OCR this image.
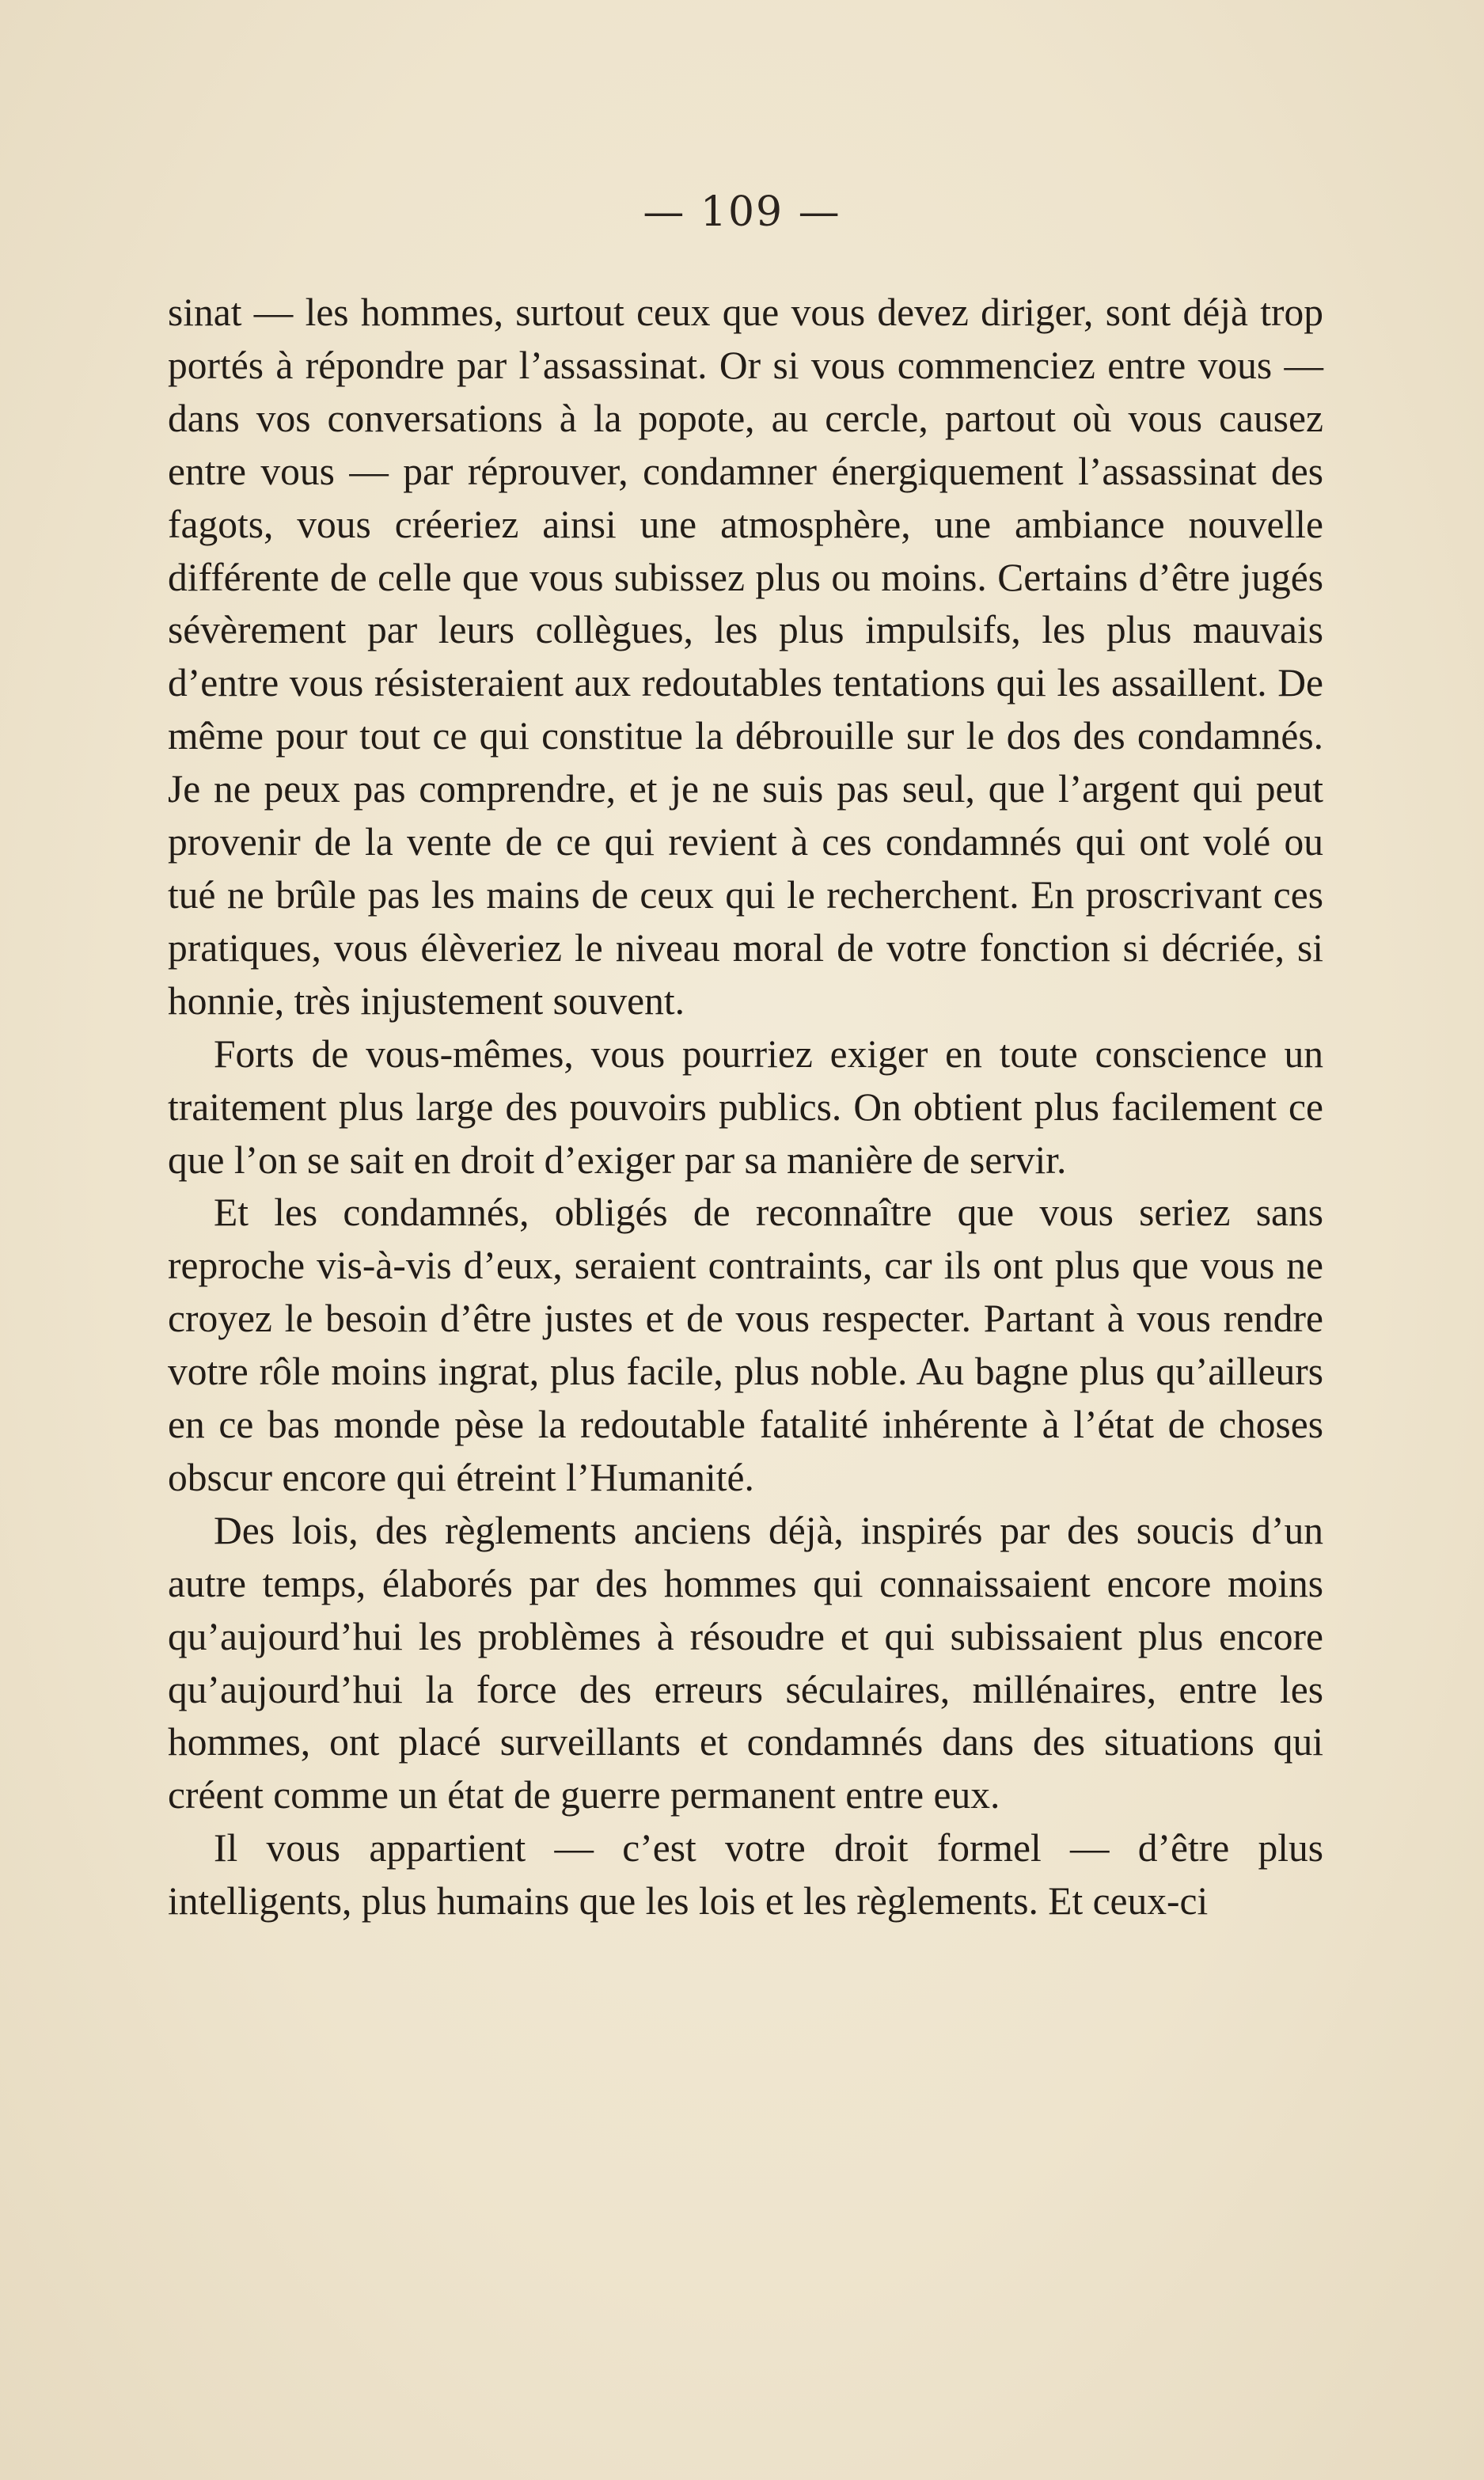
— 109 —

sinat — les hommes, surtout ceux que vous devez diriger, sont déjà trop portés à répondre par l’assassinat. Or si vous commenciez entre vous — dans vos conversations à la popote, au cercle, partout où vous causez entre vous — par réprouver, condamner énergiquement l’assassinat des fagots, vous créeriez ainsi une atmosphère, une ambiance nouvelle différente de celle que vous subissez plus ou moins. Certains d’être jugés sévèrement par leurs collègues, les plus impulsifs, les plus mauvais d’entre vous résisteraient aux redoutables tentations qui les assaillent. De même pour tout ce qui constitue la débrouille sur le dos des condamnés. Je ne peux pas comprendre, et je ne suis pas seul, que l’argent qui peut provenir de la vente de ce qui revient à ces condamnés qui ont volé ou tué ne brûle pas les mains de ceux qui le recherchent. En proscrivant ces pratiques, vous élèveriez le niveau moral de votre fonction si décriée, si honnie, très injustement souvent.

Forts de vous-mêmes, vous pourriez exiger en toute conscience un traitement plus large des pouvoirs publics. On obtient plus facilement ce que l’on se sait en droit d’exiger par sa manière de servir.

Et les condamnés, obligés de reconnaître que vous seriez sans reproche vis-à-vis d’eux, seraient contraints, car ils ont plus que vous ne croyez le besoin d’être justes et de vous respecter. Partant à vous rendre votre rôle moins ingrat, plus facile, plus noble. Au bagne plus qu’ailleurs en ce bas monde pèse la redoutable fatalité inhérente à l’état de choses obscur encore qui étreint l’Humanité.

Des lois, des règlements anciens déjà, inspirés par des soucis d’un autre temps, élaborés par des hommes qui connaissaient encore moins qu’aujourd’hui les problèmes à résoudre et qui subissaient plus encore qu’aujourd’hui la force des erreurs séculaires, millénaires, entre les hommes, ont placé surveillants et condamnés dans des situations qui créent comme un état de guerre permanent entre eux.

Il vous appartient — c’est votre droit formel — d’être plus intelligents, plus humains que les lois et les règlements. Et ceux-ci
